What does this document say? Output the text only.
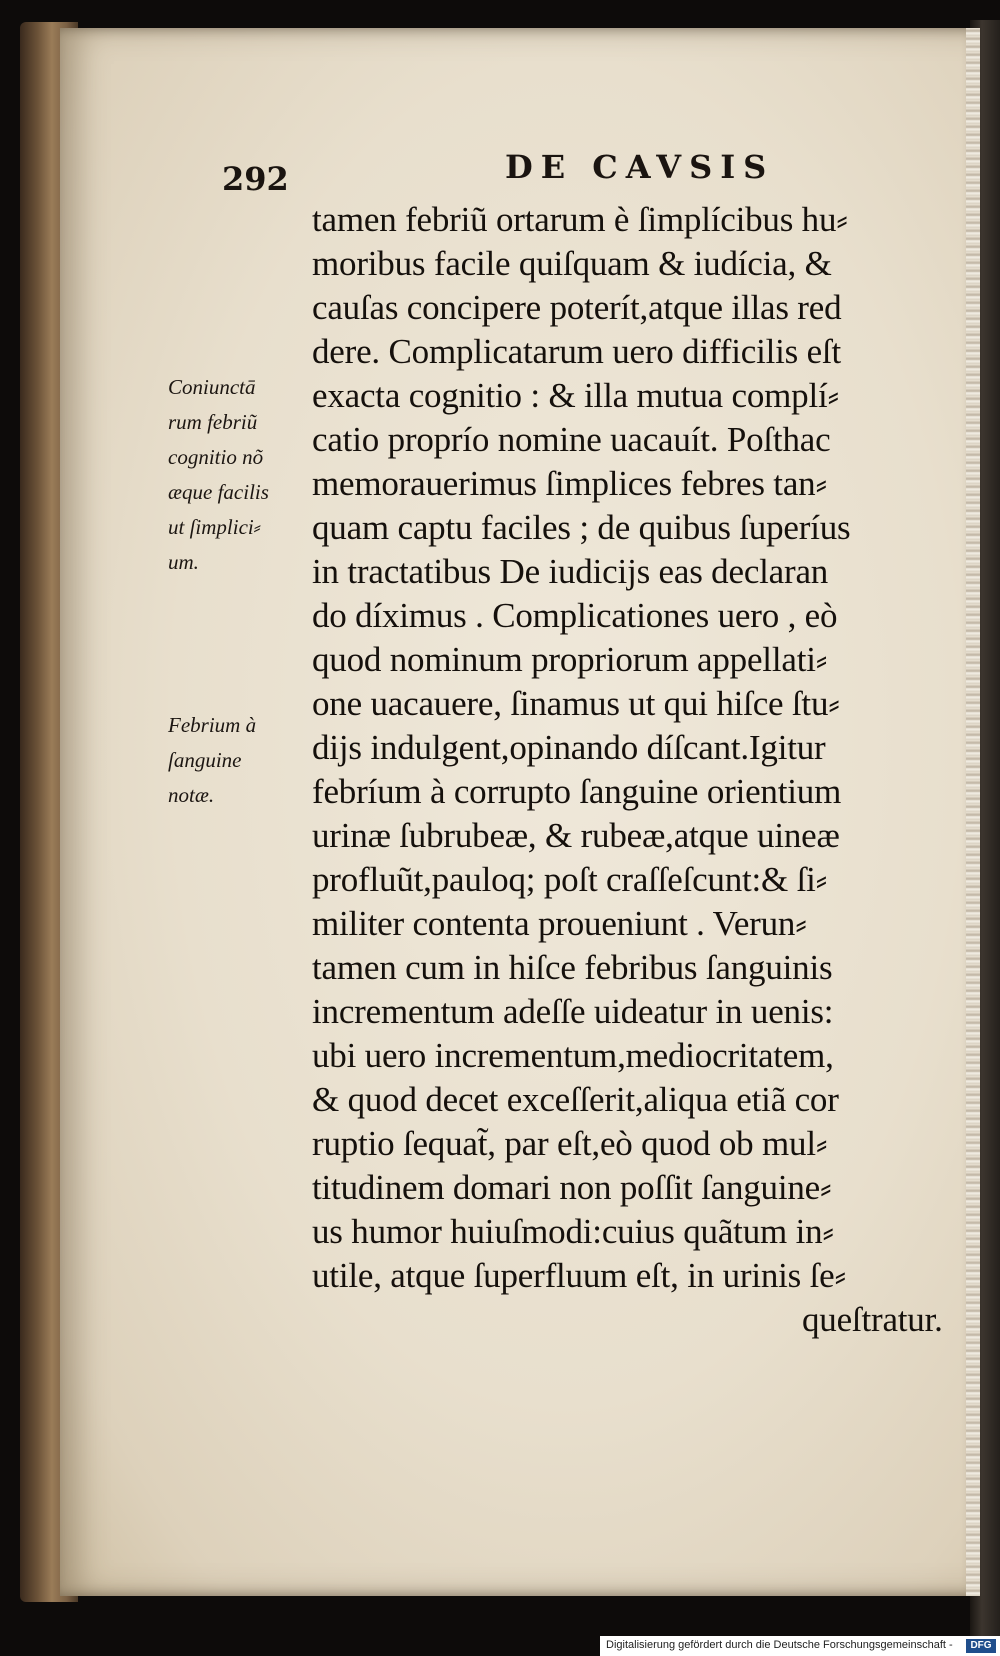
292	DE CAVSIS
tamen febriũ ortarum è ſimplícibus hu⸗
moribus facile quiſquam & iudícia, &
cauſas concipere poterít,atque illas red
dere. Complicatarum uero difficilis eſt
exacta cognitio : & illa mutua complí⸗
catio proprío nomine uacauít. Poſthac
memorauerimus ſimplices febres tan⸗
quam captu faciles ; de quibus ſuperíus
in tractatibus De iudicĳs eas declaran
do díximus . Complicationes uero , eò
quod nominum propriorum appellati⸗
one uacauere, ſinamus ut qui hiſce ſtu⸗
dĳs indulgent,opinando díſcant.Igitur
febríum à corrupto ſanguine orientium
urinæ ſubrubeæ, & rubeæ,atque uineæ
profluũt,pauloq; poſt craſſeſcunt:& ſi⸗
militer contenta proueniunt . Verun⸗
tamen cum in hiſce febribus ſanguinis
incrementum adeſſe uideatur in uenis:
ubi uero incrementum,mediocritatem,
& quod decet exceſſerit,aliqua etiã cor
ruptio ſequat̃, par eſt,eò quod ob mul⸗
titudinem domari non poſſit ſanguine⸗
us humor huiuſmodi:cuius quãtum in⸗
utile, atque ſuperfluum eſt, in urinis ſe⸗
queſtratur.
Coniunctā
rum febriũ
cognitio nõ
æque facilis
ut ſimplici⸗
um.
Febrium à
ſanguine
notæ.
Digitalisierung gefördert durch die Deutsche Forschungsgemeinschaft -	DFG
